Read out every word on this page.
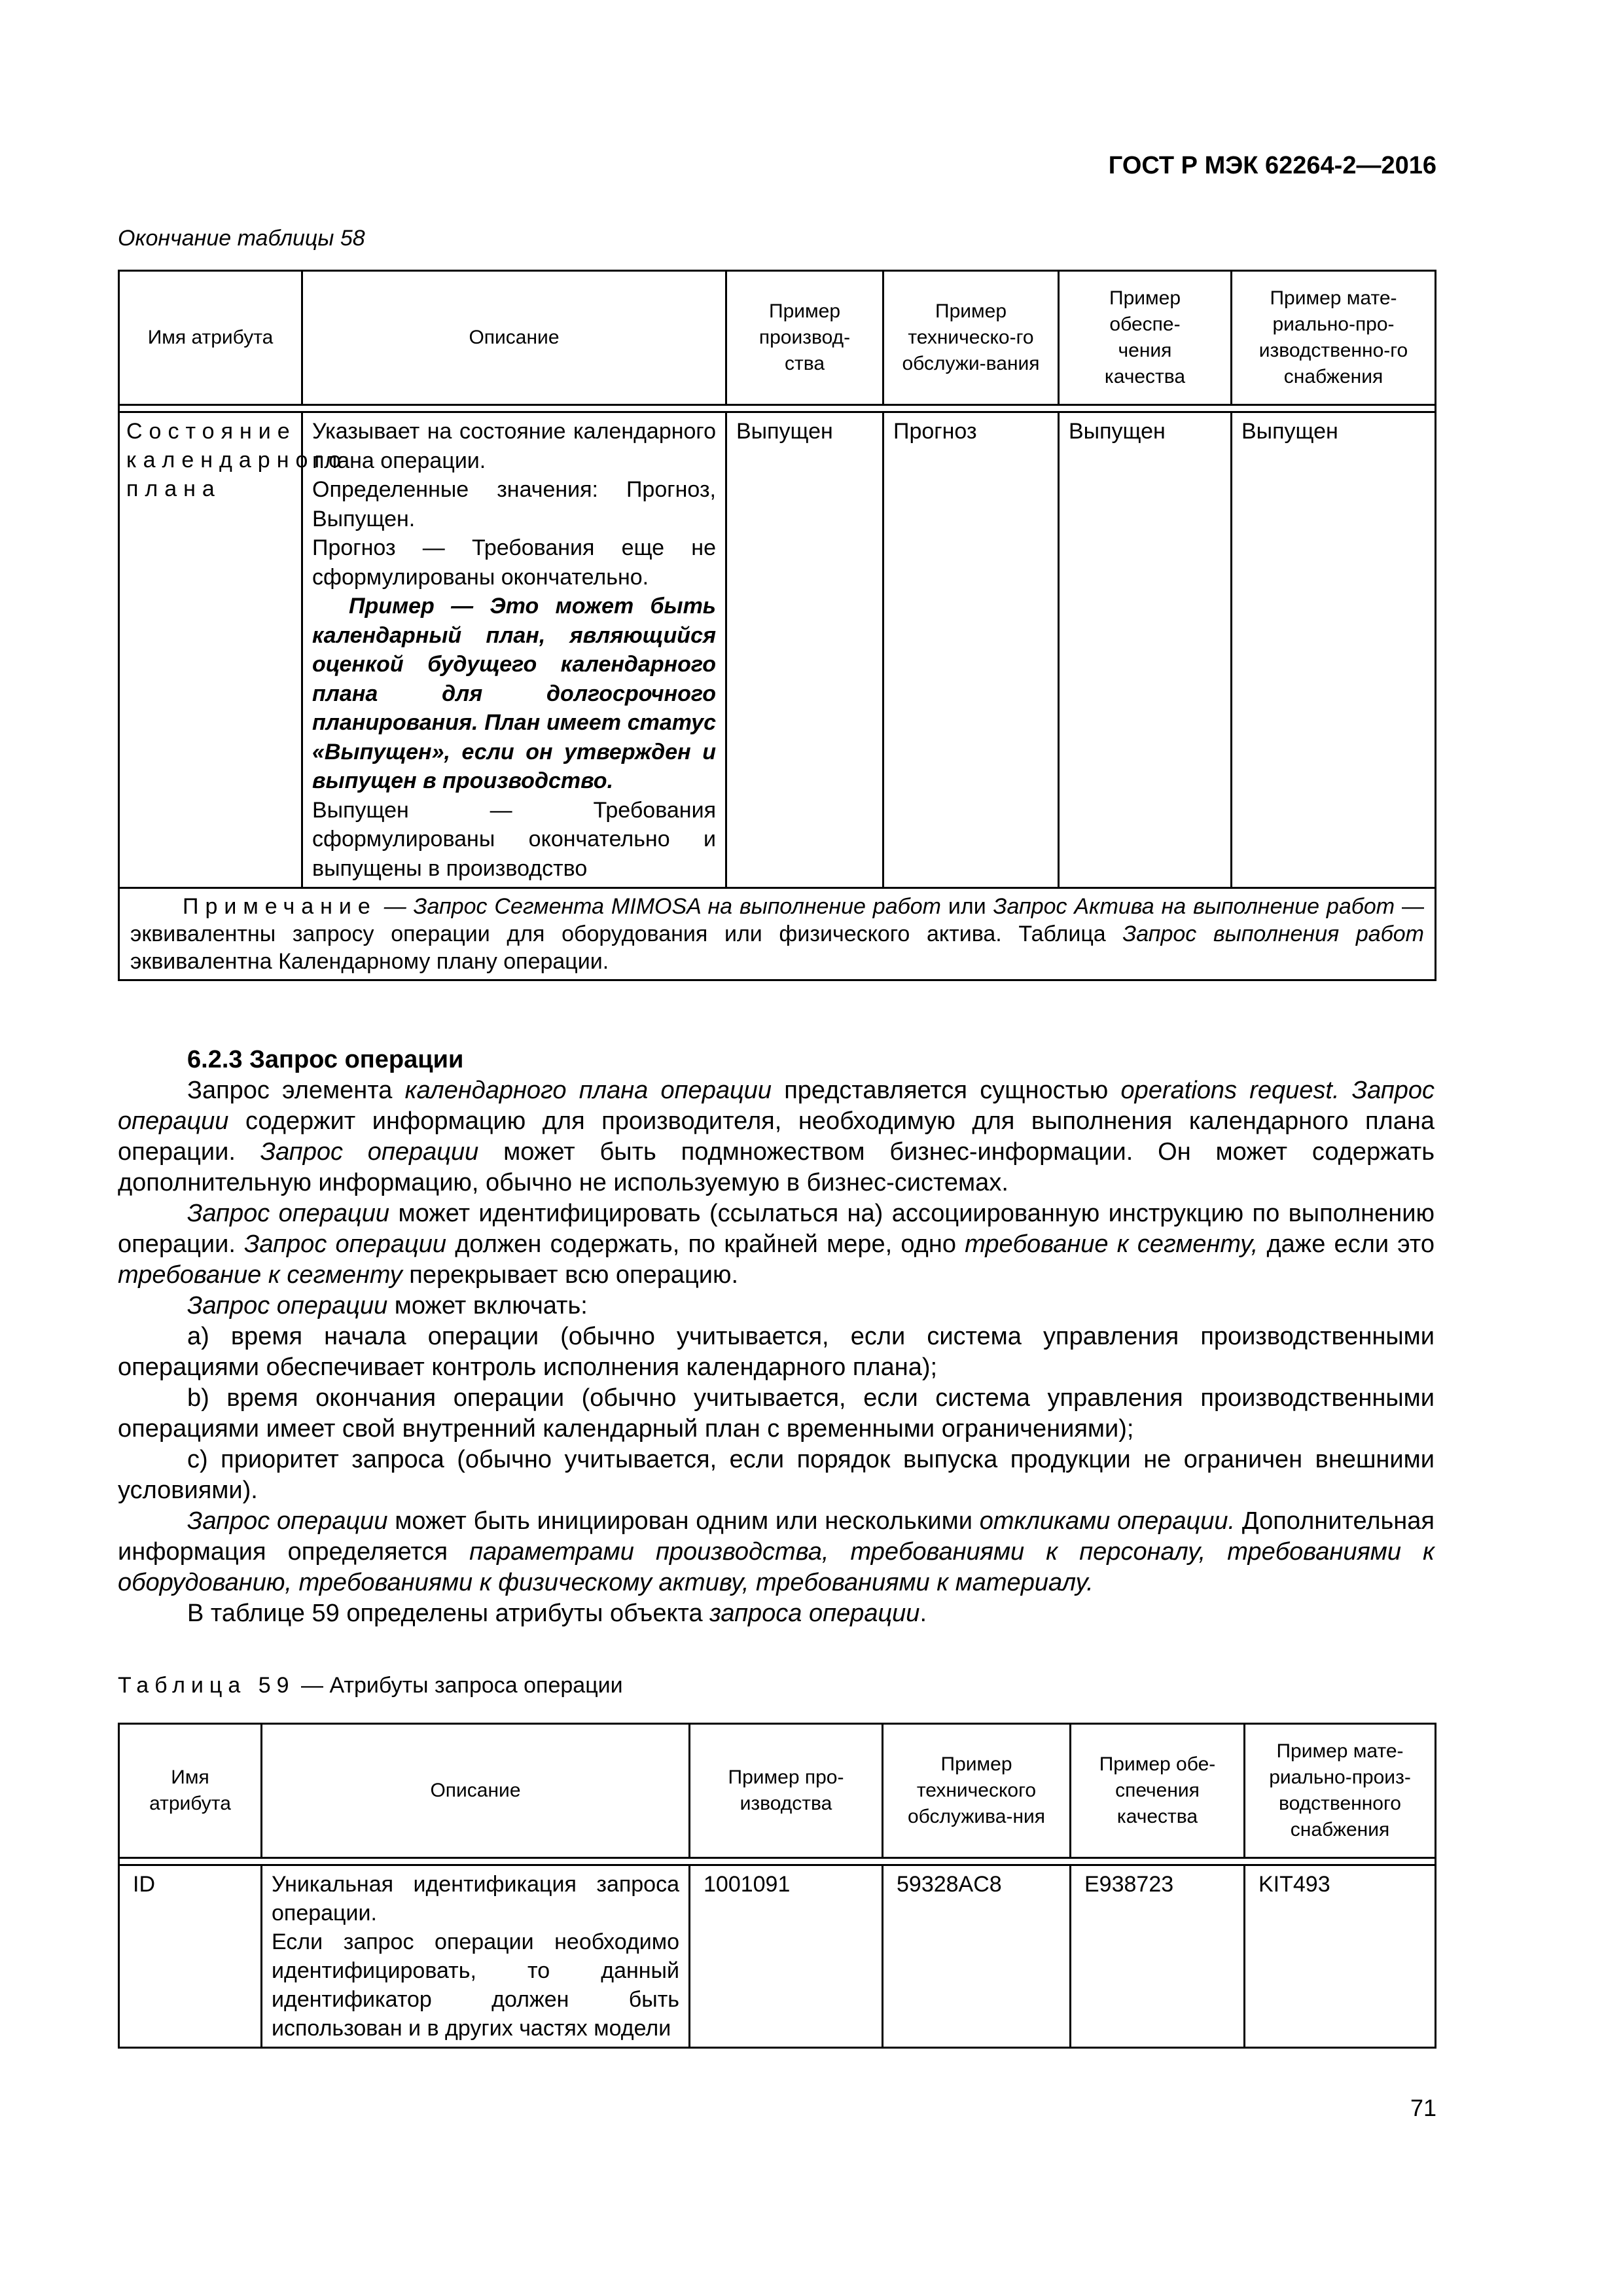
ГОСТ Р МЭК 62264-2—2016
Окончание таблицы 58
Имя атрибута	Описание	Пример производ-ства	Пример техническо-го обслужи-вания	Пример обеспе-чения качества	Пример мате-риально-про-изводственно-го снабжения

Состояние календарного плана	Указывает на состояние календарного плана операции.
Определенные значения: Прогноз, Выпущен.
Прогноз — Требования еще не сформулированы окончательно.
Пример — Это может быть календарный план, являющийся оценкой будущего календарного плана для долгосрочного планирования. План имеет статус «Выпущен», если он утвержден и выпущен в производство.
Выпущен — Требования сформулированы окончательно и выпущены в производство	Выпущен	Прогноз	Выпущен	Выпущен
Примечание — Запрос Сегмента MIMOSA на выполнение работ или Запрос Актива на выполнение работ — эквивалентны запросу операции для оборудования или физического актива. Таблица Запрос выполнения работ эквивалентна Календарному плану операции.					
6.2.3 Запрос операции

Запрос элемента календарного плана операции представляется сущностью operations request. Запрос операции содержит информацию для производителя, необходимую для выполнения календарного плана операции. Запрос операции может быть подмножеством бизнес-информации. Он может содержать дополнительную информацию, обычно не используемую в бизнес-системах.

Запрос операции может идентифицировать (ссылаться на) ассоциированную инструкцию по выполнению операции. Запрос операции должен содержать, по крайней мере, одно требование к сегменту, даже если это требование к сегменту перекрывает всю операцию.

Запрос операции может включать:

a) время начала операции (обычно учитывается, если система управления производственными операциями обеспечивает контроль исполнения календарного плана);

b) время окончания операции (обычно учитывается, если система управления производственными операциями имеет свой внутренний календарный план с временными ограничениями);

c) приоритет запроса (обычно учитывается, если порядок выпуска продукции не ограничен внешними условиями).

Запрос операции может быть инициирован одним или несколькими откликами операции. Дополнительная информация определяется параметрами производства, требованиями к персоналу, требованиями к оборудованию, требованиями к физическому активу, требованиями к материалу.

В таблице 59 определены атрибуты объекта запроса операции.

Таблица 59 — Атрибуты запроса операции
Имя атрибута	Описание	Пример про-изводства	Пример технического обслужива-ния	Пример обе-спечения качества	Пример мате-риально-произ-водственного снабжения

ID	Уникальная идентификация запроса операции.
Если запрос операции необходимо идентифицировать, то данный идентификатор должен быть использован и в других частях модели	1001091	59328AC8	E938723	KIT493
71
